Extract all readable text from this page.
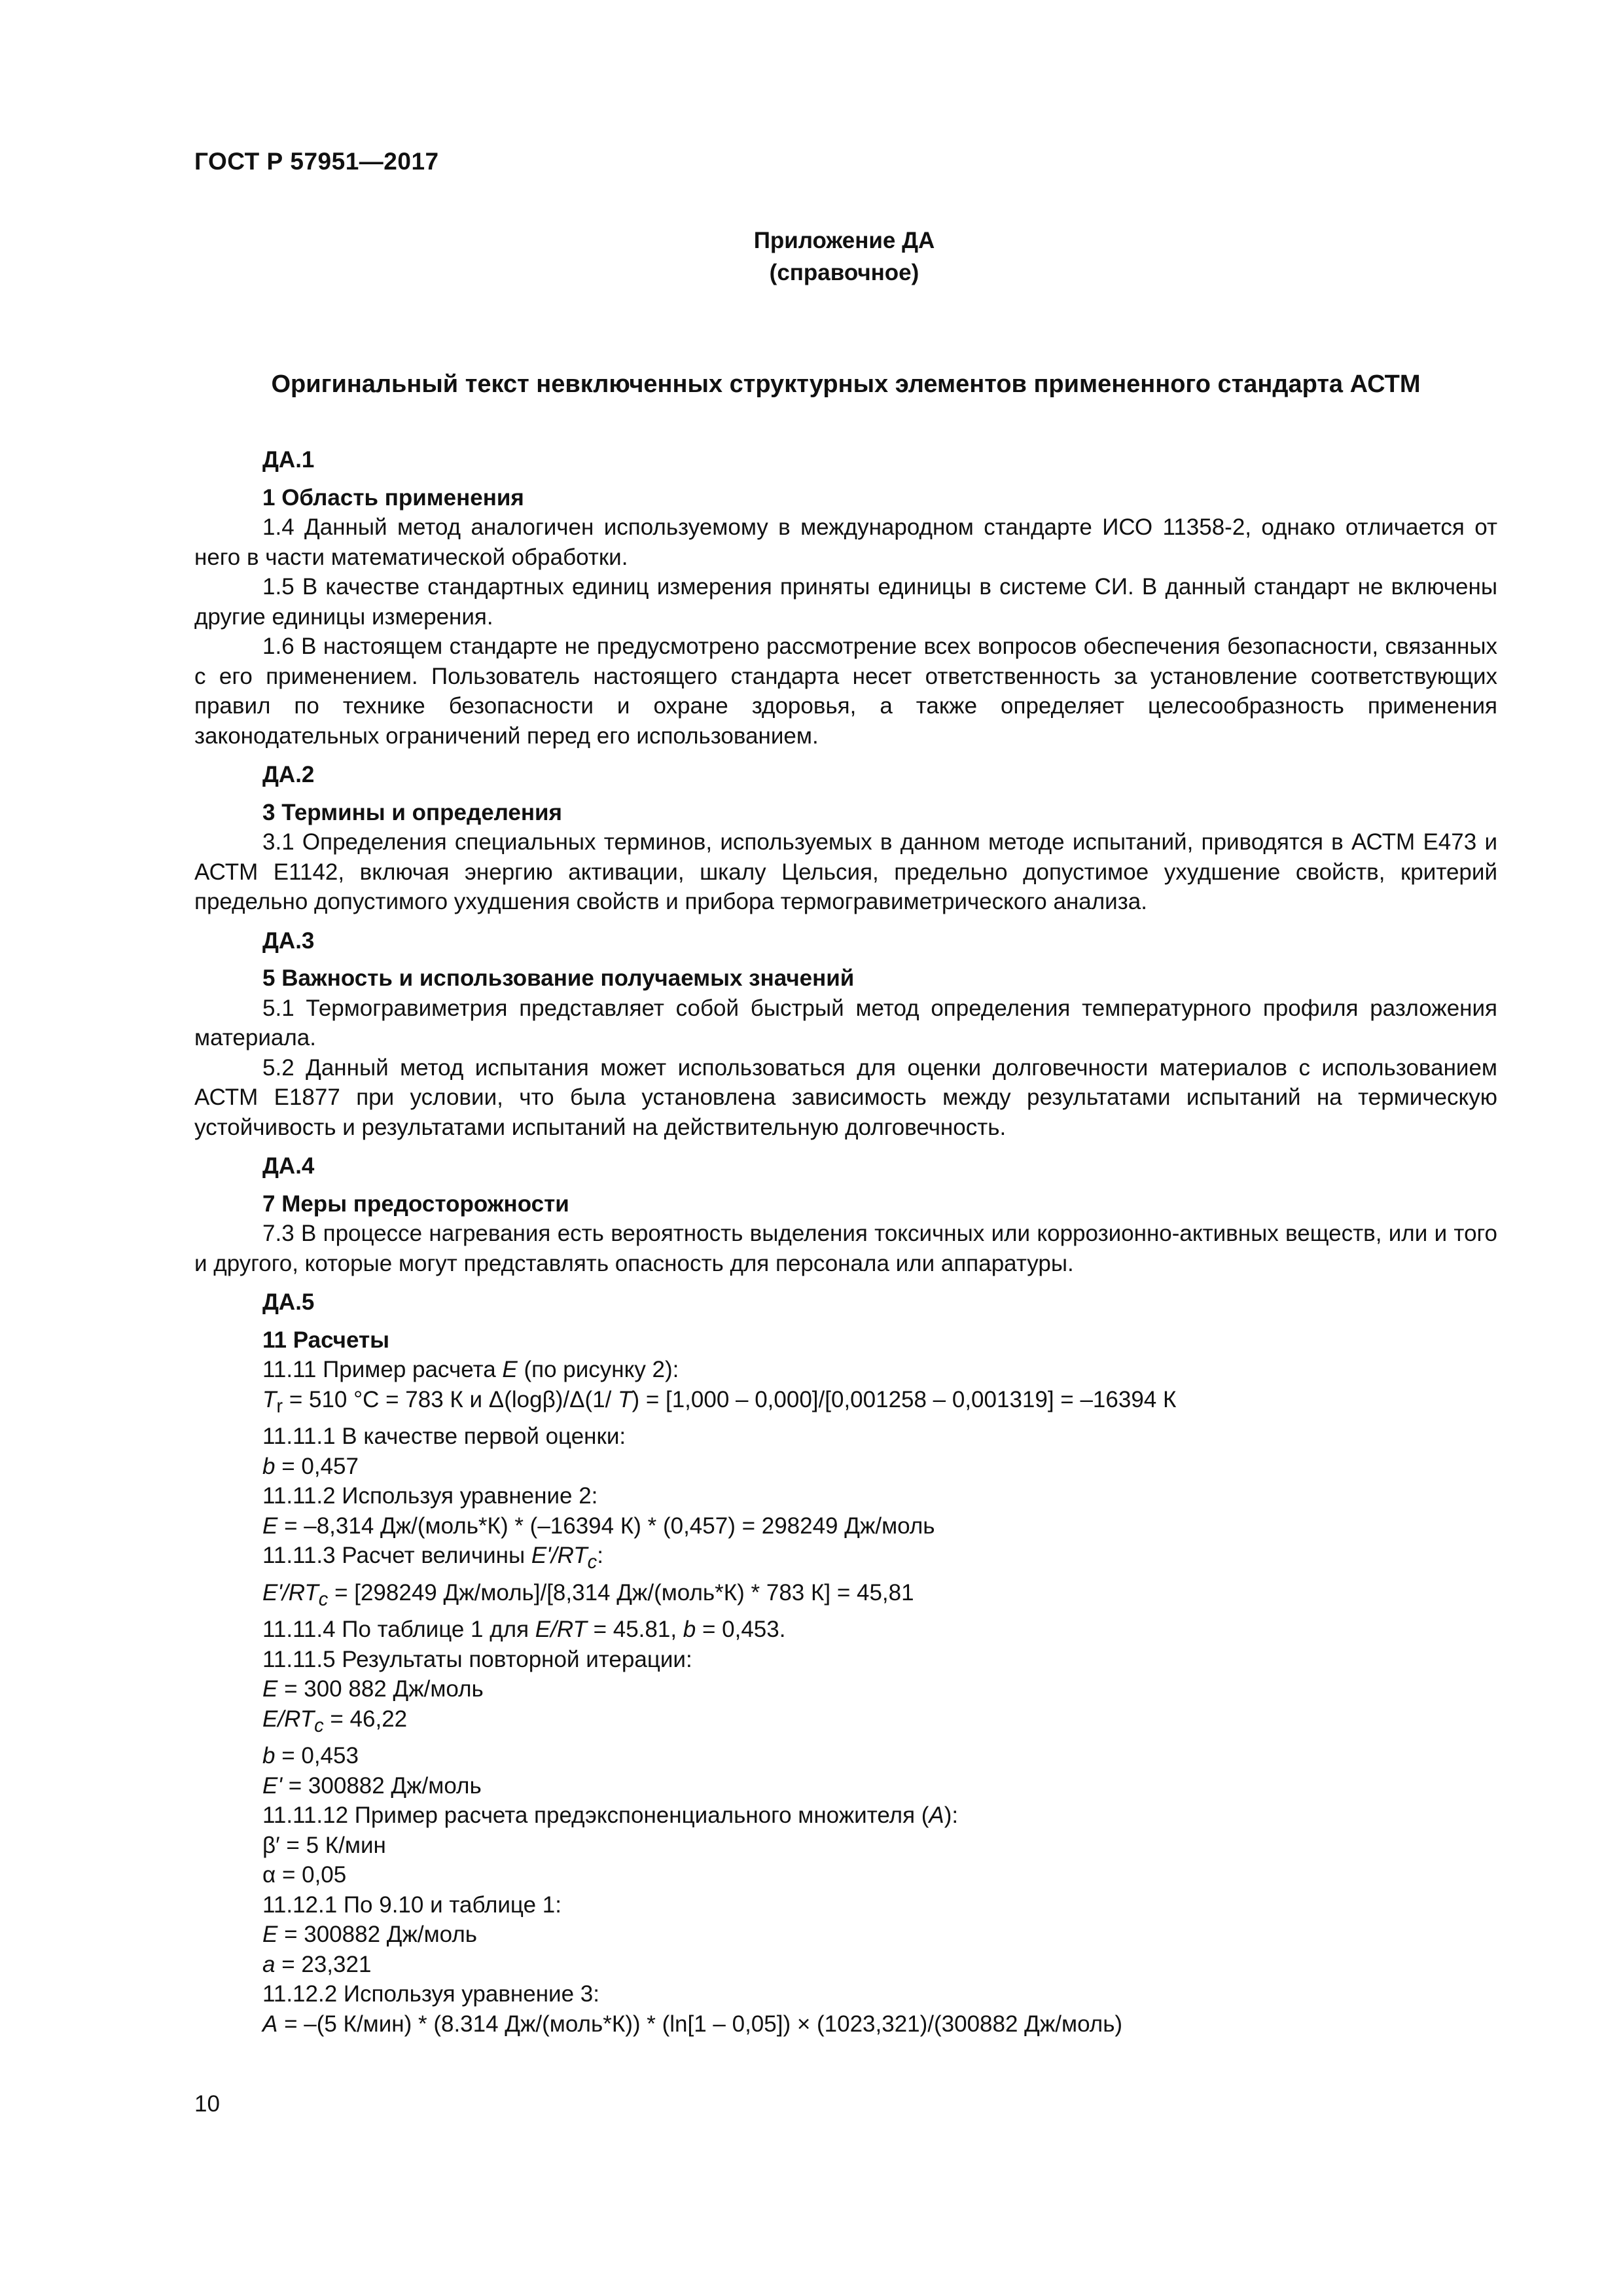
ГОСТ Р 57951—2017
Приложение ДА
(справочное)
Оригинальный текст невключенных структурных элементов примененного стандарта АСТМ

ДА.1

1 Область применения

1.4 Данный метод аналогичен используемому в международном стандарте ИСО 11358-2, однако отличается от него в части математической обработки.

1.5 В качестве стандартных единиц измерения приняты единицы в системе СИ. В данный стандарт не включены другие единицы измерения.

1.6 В настоящем стандарте не предусмотрено рассмотрение всех вопросов обеспечения безопасности, связанных с его применением. Пользователь настоящего стандарта несет ответственность за установление соответствующих правил по технике безопасности и охране здоровья, а также определяет целесообразность применения законодательных ограничений перед его использованием.

ДА.2

3 Термины и определения

3.1 Определения специальных терминов, используемых в данном методе испытаний, приводятся в АСТМ Е473 и АСТМ Е1142, включая энергию активации, шкалу Цельсия, предельно допустимое ухудшение свойств, критерий предельно допустимого ухудшения свойств и прибора термогравиметрического анализа.

ДА.3

5 Важность и использование получаемых значений

5.1 Термогравиметрия представляет собой быстрый метод определения температурного профиля разложения материала.

5.2 Данный метод испытания может использоваться для оценки долговечности материалов с использованием АСТМ Е1877 при условии, что была установлена зависимость между результатами испытаний на термическую устойчивость и результатами испытаний на действительную долговечность.

ДА.4

7 Меры предосторожности

7.3 В процессе нагревания есть вероятность выделения токсичных или коррозионно-активных веществ, или и того и другого, которые могут представлять опасность для персонала или аппаратуры.

ДА.5

11 Расчеты

11.11 Пример расчета E (по рисунку 2):

$T_r = 510$ °С = 783 К и Δ(logβ)/Δ(1/ T) = [1,000 – 0,000]/[0,001258 – 0,001319] = –16394 К

11.11.1 В качестве первой оценки:

b = 0,457

11.11.2 Используя уравнение 2:

E = –8,314 Дж/(моль*К) * (–16394 К) * (0,457) = 298249 Дж/моль

11.11.3 Расчет величины $E'/RT_c$:

$E'/RT_c = [298249$ Дж/моль]/[8,314 Дж/(моль*К) * 783 К] = 45,81

11.11.4 По таблице 1 для E/RT = 45.81, b = 0,453.

11.11.5 Результаты повторной итерации:

E = 300 882 Дж/моль

$E/RT_c = 46,22$

b = 0,453

E' = 300882 Дж/моль

11.11.12 Пример расчета предэкспоненциального множителя (A):

β′ = 5 К/мин

α = 0,05

11.12.1 По 9.10 и таблице 1:

E = 300882 Дж/моль

a = 23,321

11.12.2 Используя уравнение 3:

A = –(5 К/мин) * (8.314 Дж/(моль*К)) * (ln[1 – 0,05]) × (1023,321)/(300882 Дж/моль)

10
